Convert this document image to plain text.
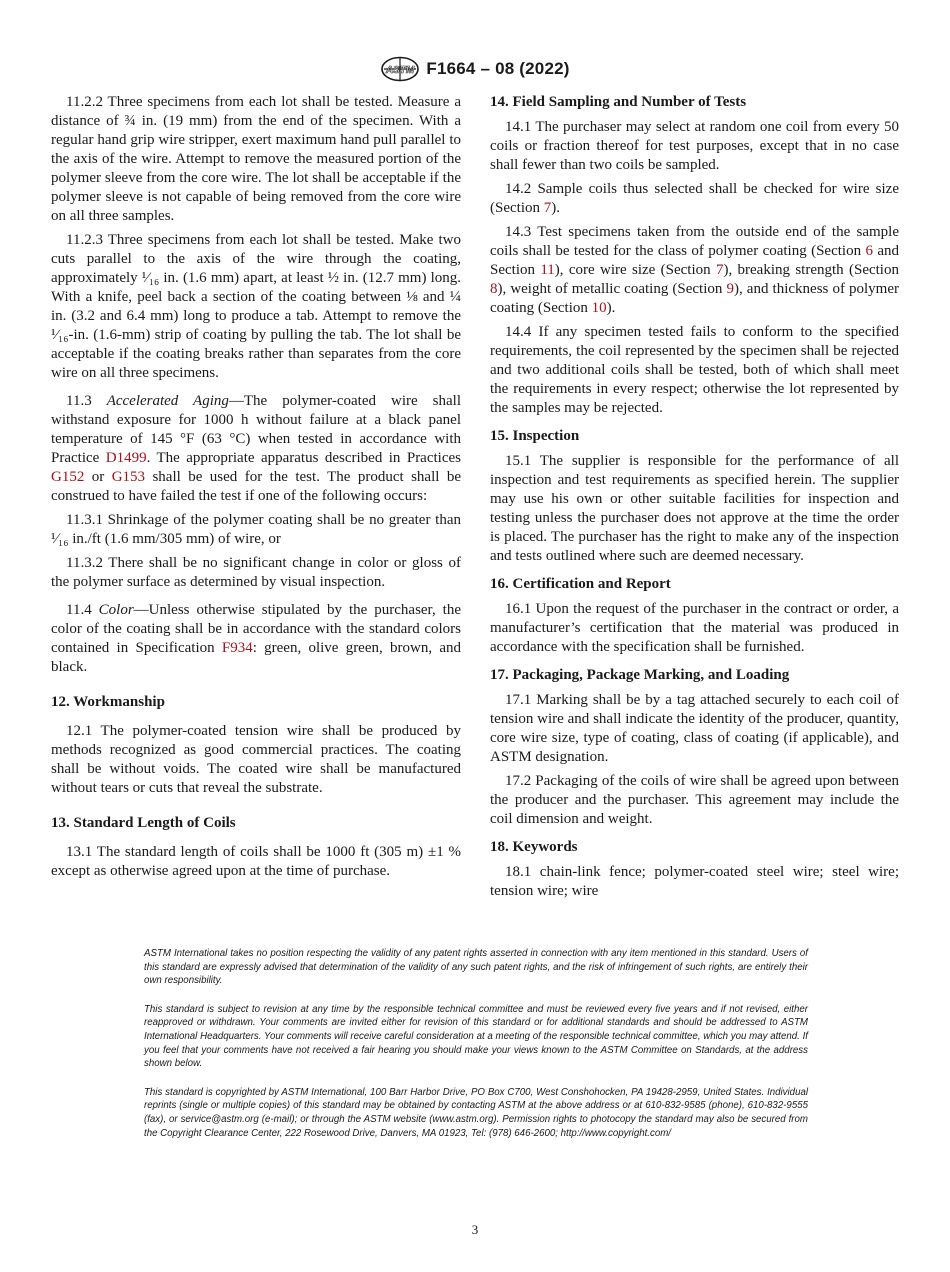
ASTM F1664 – 08 (2022)

11.2.2 Three specimens from each lot shall be tested. Measure a distance of ¾ in. (19 mm) from the end of the specimen. With a regular hand grip wire stripper, exert maximum hand pull parallel to the axis of the wire. Attempt to remove the measured portion of the polymer sleeve from the core wire. The lot shall be acceptable if the polymer sleeve is not capable of being removed from the core wire on all three samples.

11.2.3 Three specimens from each lot shall be tested. Make two cuts parallel to the axis of the wire through the coating, approximately ¹⁄₁₆ in. (1.6 mm) apart, at least ½ in. (12.7 mm) long. With a knife, peel back a section of the coating between ⅛ and ¼ in. (3.2 and 6.4 mm) long to produce a tab. Attempt to remove the ¹⁄₁₆-in. (1.6-mm) strip of coating by pulling the tab. The lot shall be acceptable if the coating breaks rather than separates from the core wire on all three specimens.

11.3 Accelerated Aging—The polymer-coated wire shall withstand exposure for 1000 h without failure at a black panel temperature of 145 °F (63 °C) when tested in accordance with Practice D1499. The appropriate apparatus described in Practices G152 or G153 shall be used for the test. The product shall be construed to have failed the test if one of the following occurs:

11.3.1 Shrinkage of the polymer coating shall be no greater than ¹⁄₁₆ in./ft (1.6 mm/305 mm) of wire, or

11.3.2 There shall be no significant change in color or gloss of the polymer surface as determined by visual inspection.

11.4 Color—Unless otherwise stipulated by the purchaser, the color of the coating shall be in accordance with the standard colors contained in Specification F934: green, olive green, brown, and black.

12. Workmanship

12.1 The polymer-coated tension wire shall be produced by methods recognized as good commercial practices. The coating shall be without voids. The coated wire shall be manufactured without tears or cuts that reveal the substrate.

13. Standard Length of Coils

13.1 The standard length of coils shall be 1000 ft (305 m) ±1 % except as otherwise agreed upon at the time of purchase.

14. Field Sampling and Number of Tests

14.1 The purchaser may select at random one coil from every 50 coils or fraction thereof for test purposes, except that in no case shall fewer than two coils be sampled.

14.2 Sample coils thus selected shall be checked for wire size (Section 7).

14.3 Test specimens taken from the outside end of the sample coils shall be tested for the class of polymer coating (Section 6 and Section 11), core wire size (Section 7), breaking strength (Section 8), weight of metallic coating (Section 9), and thickness of polymer coating (Section 10).

14.4 If any specimen tested fails to conform to the specified requirements, the coil represented by the specimen shall be rejected and two additional coils shall be tested, both of which shall meet the requirements in every respect; otherwise the lot represented by the samples may be rejected.

15. Inspection

15.1 The supplier is responsible for the performance of all inspection and test requirements as specified herein. The supplier may use his own or other suitable facilities for inspection and testing unless the purchaser does not approve at the time the order is placed. The purchaser has the right to make any of the inspection and tests outlined where such are deemed necessary.

16. Certification and Report

16.1 Upon the request of the purchaser in the contract or order, a manufacturer’s certification that the material was produced in accordance with the specification shall be furnished.

17. Packaging, Package Marking, and Loading

17.1 Marking shall be by a tag attached securely to each coil of tension wire and shall indicate the identity of the producer, quantity, core wire size, type of coating, class of coating (if applicable), and ASTM designation.

17.2 Packaging of the coils of wire shall be agreed upon between the producer and the purchaser. This agreement may include the coil dimension and weight.

18. Keywords

18.1 chain-link fence; polymer-coated steel wire; steel wire; tension wire; wire

ASTM International takes no position respecting the validity of any patent rights asserted in connection with any item mentioned in this standard. Users of this standard are expressly advised that determination of the validity of any such patent rights, and the risk of infringement of such rights, are entirely their own responsibility.

This standard is subject to revision at any time by the responsible technical committee and must be reviewed every five years and if not revised, either reapproved or withdrawn. Your comments are invited either for revision of this standard or for additional standards and should be addressed to ASTM International Headquarters. Your comments will receive careful consideration at a meeting of the responsible technical committee, which you may attend. If you feel that your comments have not received a fair hearing you should make your views known to the ASTM Committee on Standards, at the address shown below.

This standard is copyrighted by ASTM International, 100 Barr Harbor Drive, PO Box C700, West Conshohocken, PA 19428-2959, United States. Individual reprints (single or multiple copies) of this standard may be obtained by contacting ASTM at the above address or at 610-832-9585 (phone), 610-832-9555 (fax), or service@astm.org (e-mail); or through the ASTM website (www.astm.org). Permission rights to photocopy the standard may also be secured from the Copyright Clearance Center, 222 Rosewood Drive, Danvers, MA 01923, Tel: (978) 646-2600; http://www.copyright.com/

3
